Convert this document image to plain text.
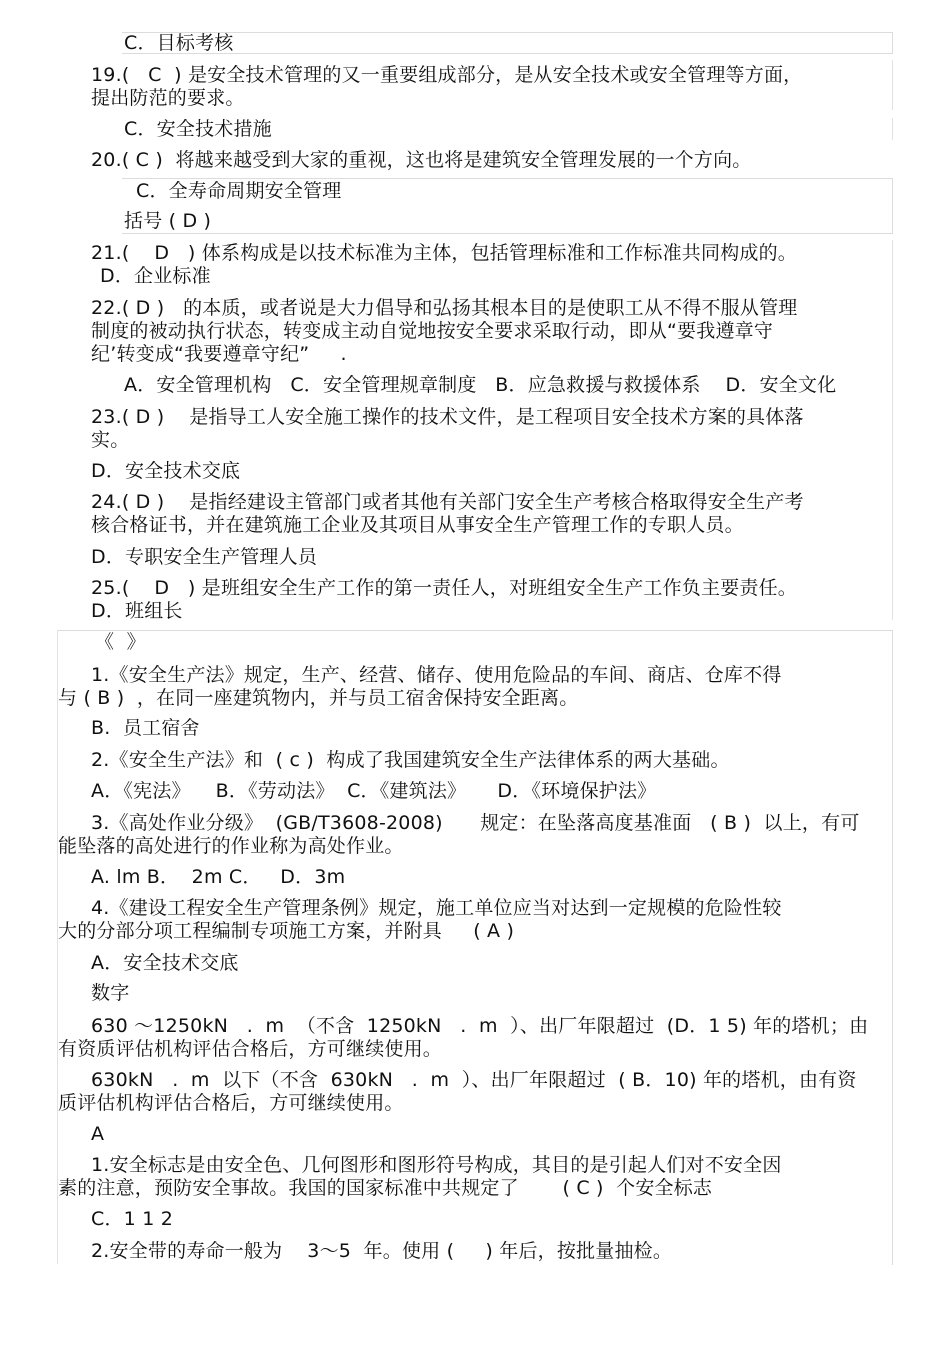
C．目标考核
19.(   C  ) 是安全技术管理的又一重要组成部分，是从安全技术或安全管理等方面，
提出防范的要求。
C．安全技术措施
20.( C )  将越来越受到大家的重视，这也将是建筑安全管理发展的一个方向。
C．全寿命周期安全管理
括号 ( D )
21.(    D   ) 体系构成是以技术标准为主体，包括管理标准和工作标准共同构成的。
D．企业标准
22.( D )   的本质，或者说是大力倡导和弘扬其根本目的是使职工从不得不服从管理
制度的被动执行状态，转变成主动自觉地按安全要求采取行动，即从“要我遵章守
纪’转变成“我要遵章守纪”     .
A．安全管理机构   C．安全管理规章制度   B．应急救援与救援体系    D．安全文化
23.( D )    是指导工人安全施工操作的技术文件，是工程项目安全技术方案的具体落
实。
D．安全技术交底
24.( D )    是指经建设主管部门或者其他有关部门安全生产考核合格取得安全生产考
核合格证书，并在建筑施工企业及其项目从事安全生产管理工作的专职人员。
D．专职安全生产管理人员
25.(    D   ) 是班组安全生产工作的第一责任人，对班组安全生产工作负主要责任。
D．班组长
《  》
1.《安全生产法》规定，生产、经营、储存、使用危险品的车间、商店、仓库不得
与 ( B )  ，在同一座建筑物内，并与员工宿舍保持安全距离。
B.  员工宿舍
2.《安全生产法》和  ( c )  构成了我国建筑安全生产法律体系的两大基础。
A．《宪法》    B．《劳动法》  C．《建筑法》     D．《环境保护法》
3.《高处作业分级》  (GB/T3608-2008)      规定：在坠落高度基准面   ( B )  以上，有可
能坠落的高处进行的作业称为高处作业。
A. lm B．  2m C．   D．3m
4.《建设工程安全生产管理条例》规定，施工单位应当对达到一定规模的危险性较
大的分部分项工程编制专项施工方案，并附具     ( A )
A．安全技术交底
数字
630 ～1250kN   .  m  （不含  1250kN   .  m  ）、出厂年限超过  (D．1 5) 年的塔机；由
有资质评估机构评估合格后，方可继续使用。
630kN   .  m  以下（不含  630kN   .  m  ）、出厂年限超过  ( B．10) 年的塔机，由有资
质评估机构评估合格后，方可继续使用。
A
1.安全标志是由安全色、几何图形和图形符号构成，其目的是引起人们对不安全因
素的注意，预防安全事故。我国的国家标准中共规定了       ( C )  个安全标志
C．1 1 2
2.安全带的寿命一般为    3～5  年。使用 (     ) 年后，按批量抽检。
